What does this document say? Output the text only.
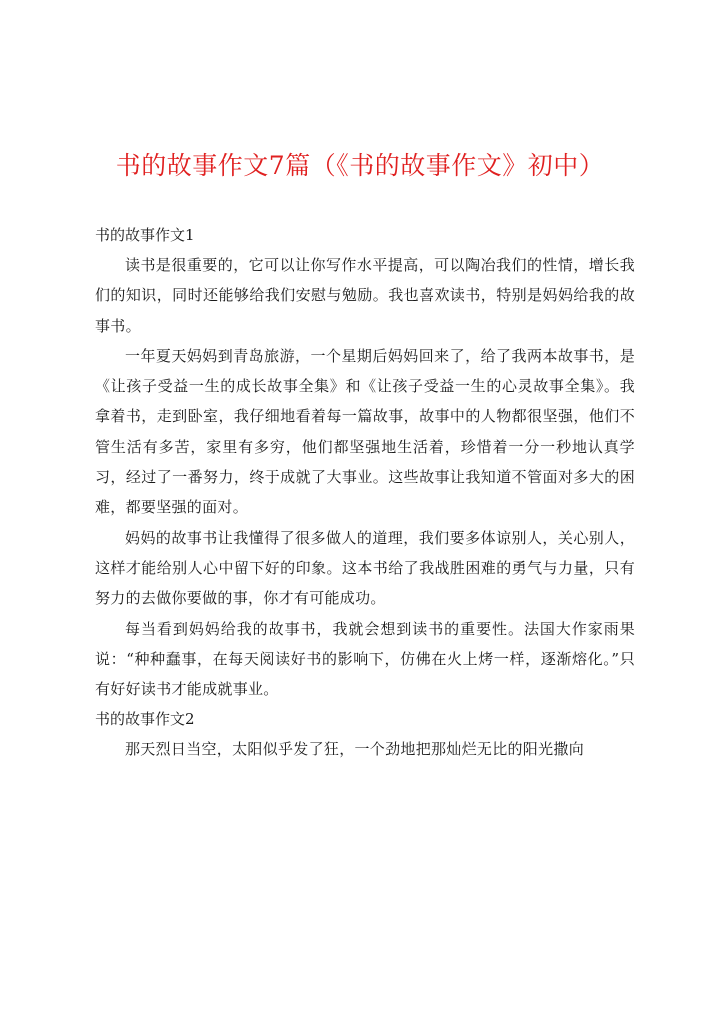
书的故事作文7篇（《书的故事作文》初中）
书的故事作文1

读书是很重要的，它可以让你写作水平提高，可以陶冶我们的性情，增长我们的知识，同时还能够给我们安慰与勉励。我也喜欢读书，特别是妈妈给我的故事书。

一年夏天妈妈到青岛旅游，一个星期后妈妈回来了，给了我两本故事书，是《让孩子受益一生的成长故事全集》和《让孩子受益一生的心灵故事全集》。我拿着书，走到卧室，我仔细地看着每一篇故事，故事中的人物都很坚强，他们不管生活有多苦，家里有多穷，他们都坚强地生活着，珍惜着一分一秒地认真学习，经过了一番努力，终于成就了大事业。这些故事让我知道不管面对多大的困难，都要坚强的面对。

妈妈的故事书让我懂得了很多做人的道理，我们要多体谅别人，关心别人，这样才能给别人心中留下好的印象。这本书给了我战胜困难的勇气与力量，只有努力的去做你要做的事，你才有可能成功。

每当看到妈妈给我的故事书，我就会想到读书的重要性。法国大作家雨果说：“种种蠢事，在每天阅读好书的影响下，仿佛在火上烤一样，逐渐熔化。”只有好好读书才能成就事业。

书的故事作文2

那天烈日当空，太阳似乎发了狂，一个劲地把那灿烂无比的阳光撒向
